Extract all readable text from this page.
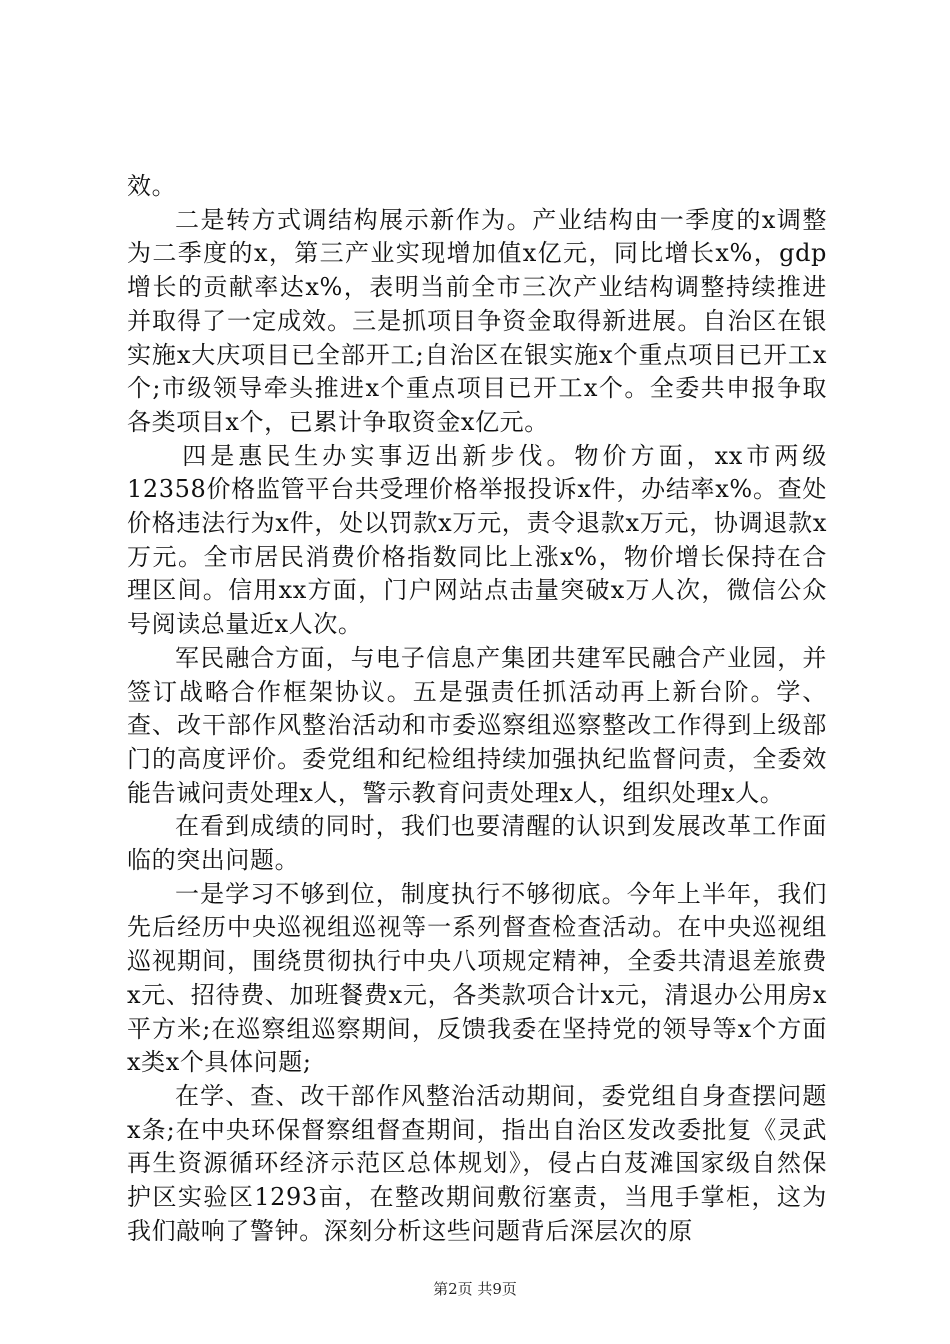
效。

二是转方式调结构展示新作为。产业结构由一季度的x调整为二季度的x，第三产业实现增加值x亿元，同比增长x%，gdp增长的贡献率达x%，表明当前全市三次产业结构调整持续推进并取得了一定成效。三是抓项目争资金取得新进展。自治区在银实施x大庆项目已全部开工;自治区在银实施x个重点项目已开工x个;市级领导牵头推进x个重点项目已开工x个。全委共申报争取各类项目x个，已累计争取资金x亿元。

四是惠民生办实事迈出新步伐。物价方面，xx市两级12358价格监管平台共受理价格举报投诉x件，办结率x%。查处价格违法行为x件，处以罚款x万元，责令退款x万元，协调退款x万元。全市居民消费价格指数同比上涨x%，物价增长保持在合理区间。信用xx方面，门户网站点击量突破x万人次，微信公众号阅读总量近x人次。

军民融合方面，与电子信息产集团共建军民融合产业园，并签订战略合作框架协议。五是强责任抓活动再上新台阶。学、查、改干部作风整治活动和市委巡察组巡察整改工作得到上级部门的高度评价。委党组和纪检组持续加强执纪监督问责，全委效能告诫问责处理x人，警示教育问责处理x人，组织处理x人。

在看到成绩的同时，我们也要清醒的认识到发展改革工作面临的突出问题。

一是学习不够到位，制度执行不够彻底。今年上半年，我们先后经历中央巡视组巡视等一系列督查检查活动。在中央巡视组巡视期间，围绕贯彻执行中央八项规定精神，全委共清退差旅费x元、招待费、加班餐费x元，各类款项合计x元，清退办公用房x平方米;在巡察组巡察期间，反馈我委在坚持党的领导等x个方面x类x个具体问题;

在学、查、改干部作风整治活动期间，委党组自身查摆问题x条;在中央环保督察组督查期间，指出自治区发改委批复《灵武再生资源循环经济示范区总体规划》，侵占白芨滩国家级自然保护区实验区1293亩，在整改期间敷衍塞责，当甩手掌柜，这为我们敲响了警钟。深刻分析这些问题背后深层次的原

第2页 共9页
